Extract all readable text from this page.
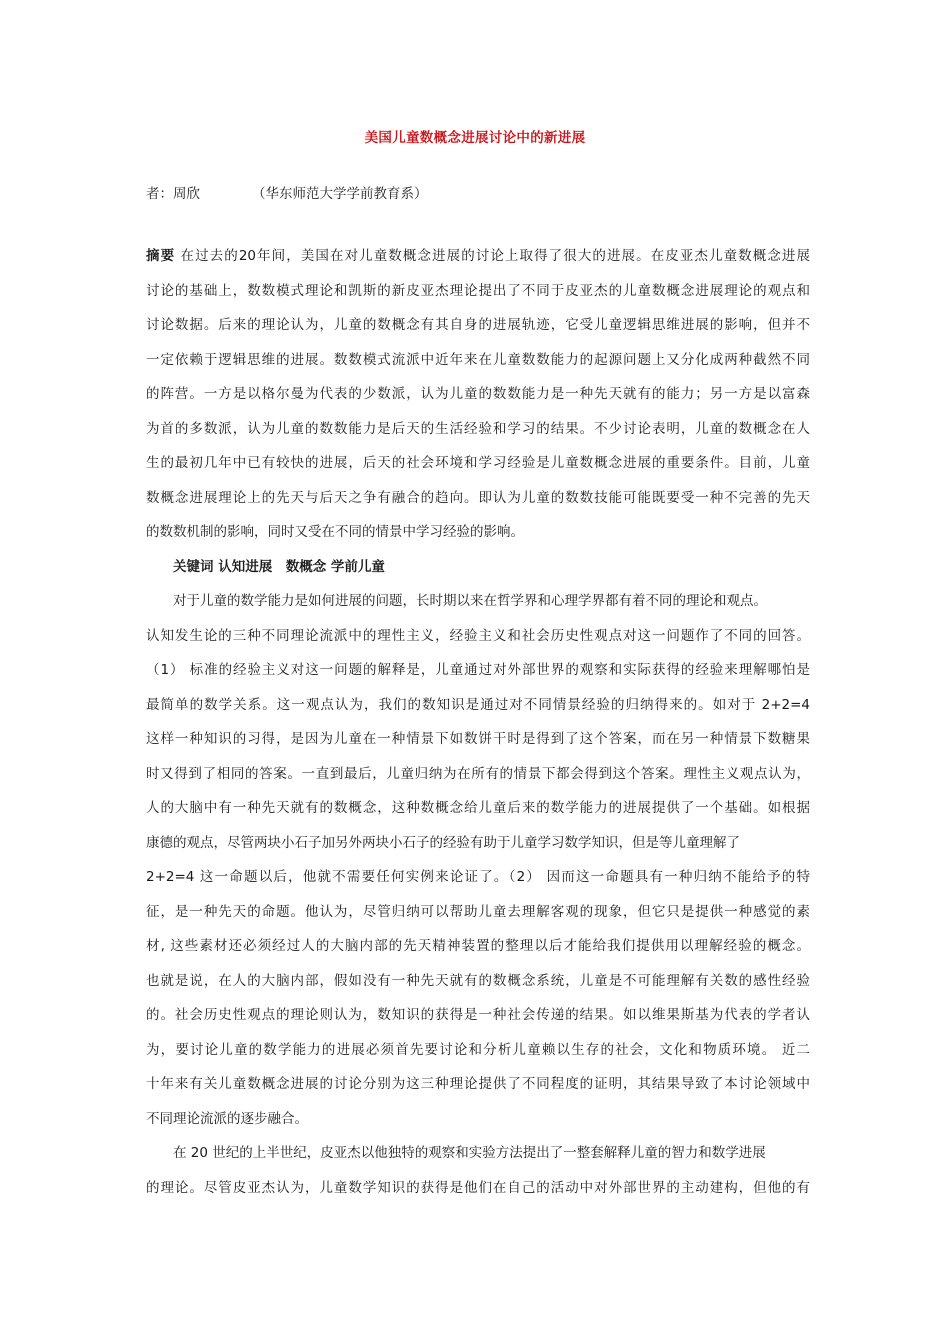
美国儿童数概念进展讨论中的新进展
者：周欣	（华东师范大学学前教育系）
摘要 在过去的20年间，美国在对儿童数概念进展的讨论上取得了很大的进展。在皮亚杰儿童数概念进展
讨论的基础上，数数模式理论和凯斯的新皮亚杰理论提出了不同于皮亚杰的儿童数概念进展理论的观点和
讨论数据。后来的理论认为，儿童的数概念有其自身的进展轨迹，它受儿童逻辑思维进展的影响，但并不
一定依赖于逻辑思维的进展。数数模式流派中近年来在儿童数数能力的起源问题上又分化成两种截然不同
的阵营。一方是以格尔曼为代表的少数派，认为儿童的数数能力是一种先天就有的能力；另一方是以富森
为首的多数派，认为儿童的数数能力是后天的生活经验和学习的结果。不少讨论表明，儿童的数概念在人
生的最初几年中已有较快的进展，后天的社会环境和学习经验是儿童数概念进展的重要条件。目前，儿童
数概念进展理论上的先天与后天之争有融合的趋向。即认为儿童的数数技能可能既要受一种不完善的先天
的数数机制的影响，同时又受在不同的情景中学习经验的影响。
关键词 认知进展　数概念 学前儿童
对于儿童的数学能力是如何进展的问题，长时期以来在哲学界和心理学界都有着不同的理论和观点。
认知发生论的三种不同理论流派中的理性主义，经验主义和社会历史性观点对这一问题作了不同的回答。
（1） 标准的经验主义对这一问题的解释是，儿童通过对外部世界的观察和实际获得的经验来理解哪怕是
最简单的数学关系。这一观点认为，我们的数知识是通过对不同情景经验的归纳得来的。如对于 2+2=4
这样一种知识的习得，是因为儿童在一种情景下如数饼干时是得到了这个答案，而在另一种情景下数糖果
时又得到了相同的答案。一直到最后，儿童归纳为在所有的情景下都会得到这个答案。理性主义观点认为，
人的大脑中有一种先天就有的数概念，这种数概念给儿童后来的数学能力的进展提供了一个基础。如根据
康德的观点，尽管两块小石子加另外两块小石子的经验有助于儿童学习数学知识，但是等儿童理解了
2+2=4 这一命题以后，他就不需要任何实例来论证了。（2） 因而这一命题具有一种归纳不能给予的特
征，是一种先天的命题。他认为，尽管归纳可以帮助儿童去理解客观的现象，但它只是提供一种感觉的素
材, 这些素材还必须经过人的大脑内部的先天精神装置的整理以后才能给我们提供用以理解经验的概念。
也就是说，在人的大脑内部，假如没有一种先天就有的数概念系统，儿童是不可能理解有关数的感性经验
的。社会历史性观点的理论则认为，数知识的获得是一种社会传递的结果。如以维果斯基为代表的学者认
为，要讨论儿童的数学能力的进展必须首先要讨论和分析儿童赖以生存的社会，文化和物质环境。 近二
十年来有关儿童数概念进展的讨论分别为这三种理论提供了不同程度的证明，其结果导致了本讨论领域中
不同理论流派的逐步融合。
在 20 世纪的上半世纪，皮亚杰以他独特的观察和实验方法提出了一整套解释儿童的智力和数学进展
的理论。尽管皮亚杰认为，儿童数学知识的获得是他们在自己的活动中对外部世界的主动建构，但他的有
